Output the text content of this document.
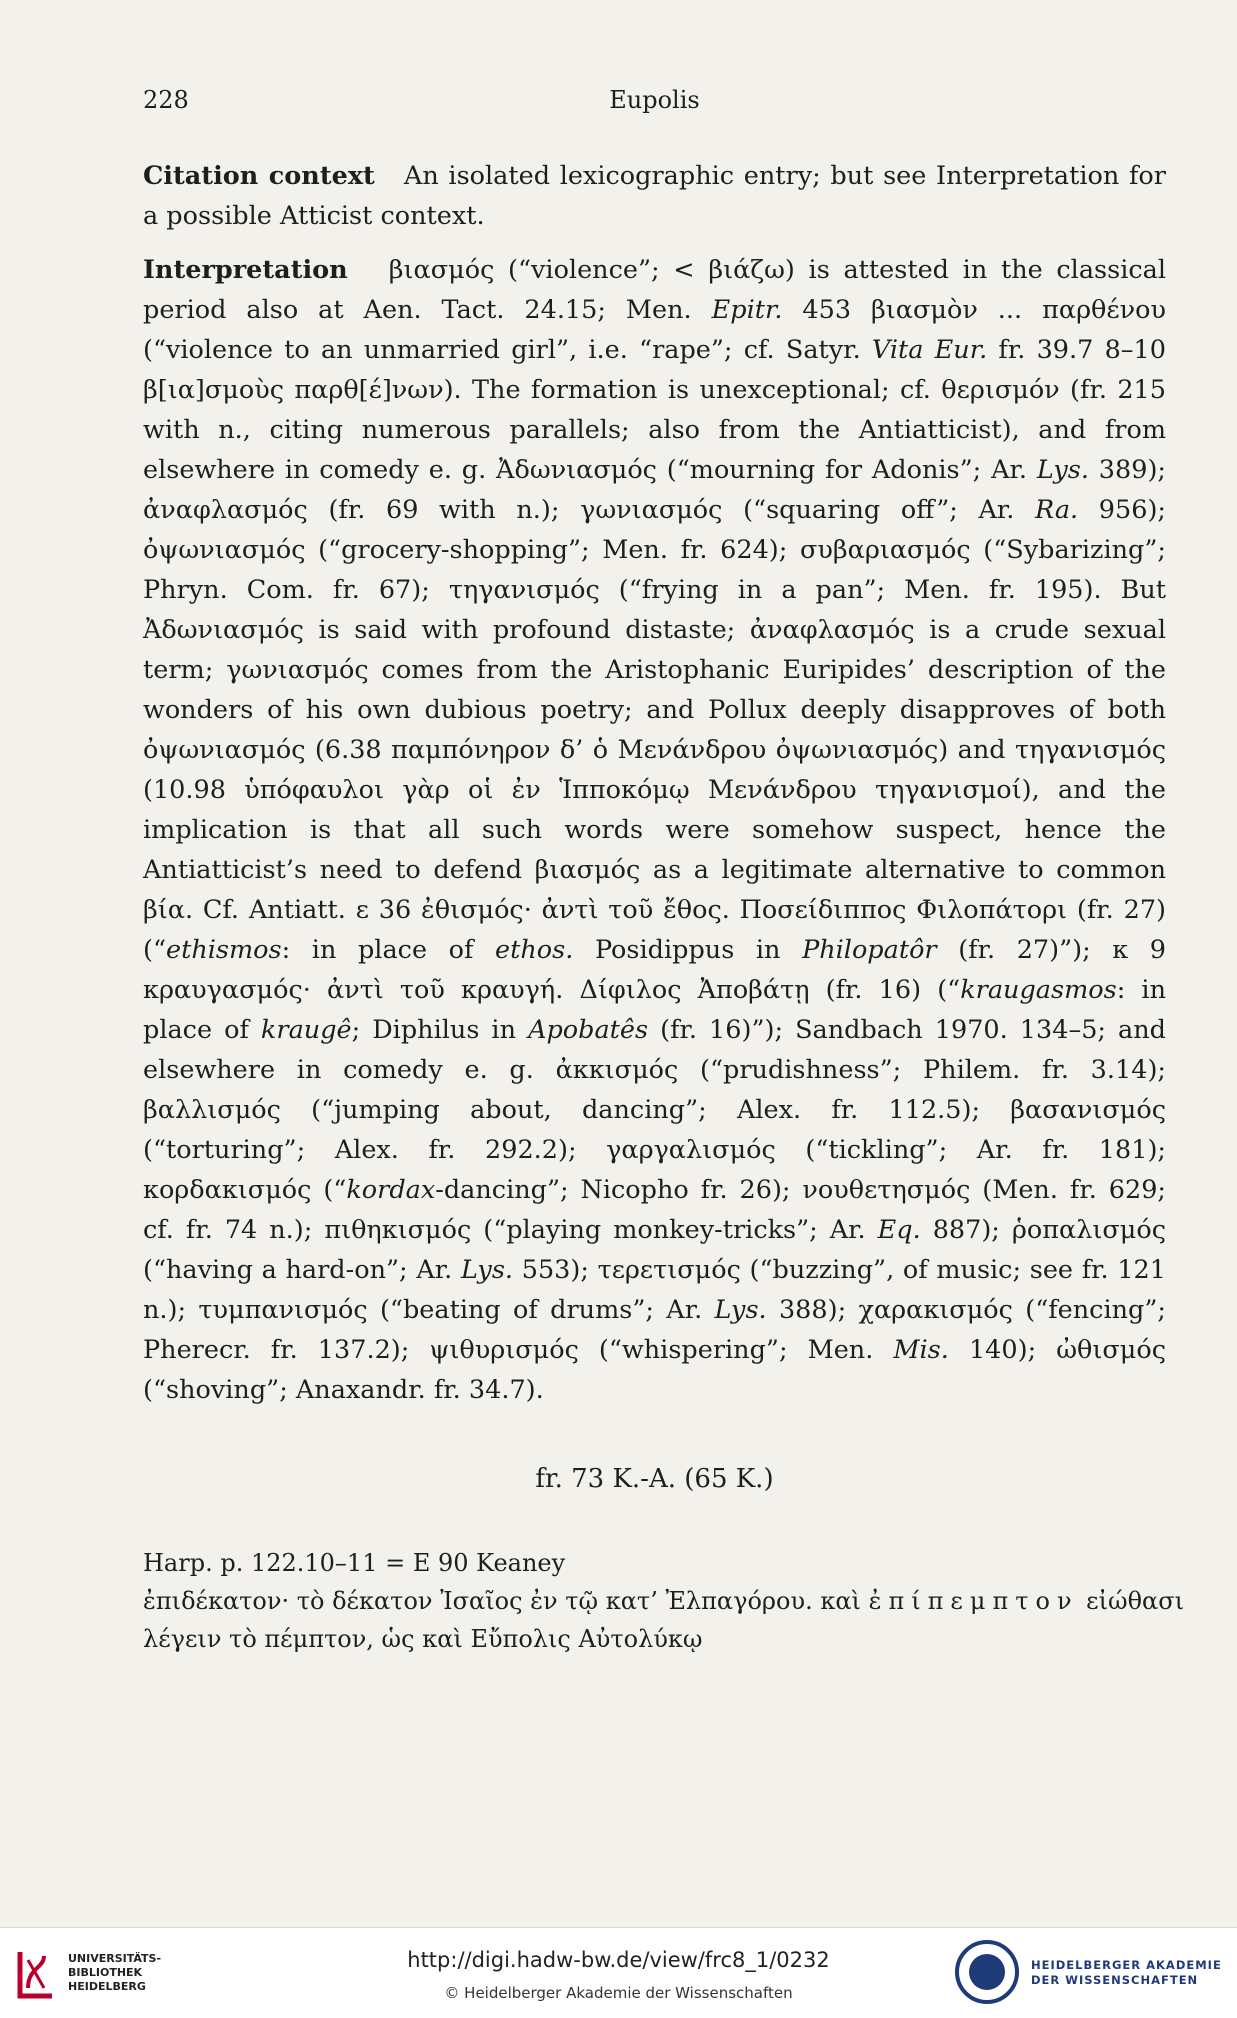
228	Eupolis

Citation context An isolated lexicographic entry; but see Interpretation for a possible Atticist context.

Interpretation βιασμός (“violence”; < βιάζω) is attested in the classical period also at Aen. Tact. 24.15; Men. Epitr. 453 βιασμὸν ... παρθένου (“violence to an unmarried girl”, i.e. “rape”; cf. Satyr. Vita Eur. fr. 39.7 8–10 β[ια]σμοὺς παρθ[έ]νων). The formation is unexceptional; cf. θερισμόν (fr. 215 with n., citing numerous parallels; also from the Antiatticist), and from elsewhere in comedy e. g. Ἀδωνιασμός (“mourning for Adonis”; Ar. Lys. 389); ἀναφλασμός (fr. 69 with n.); γωνιασμός (“squaring off”; Ar. Ra. 956); ὀψωνιασμός (“grocery-shopping”; Men. fr. 624); συβαριασμός (“Sybarizing”; Phryn. Com. fr. 67); τηγανισμός (“frying in a pan”; Men. fr. 195). But Ἀδωνιασμός is said with profound distaste; ἀναφλασμός is a crude sexual term; γωνιασμός comes from the Aristophanic Euripides’ description of the wonders of his own dubious poetry; and Pollux deeply disapproves of both ὀψωνιασμός (6.38 παμπόνηρον δ’ ὁ Μενάνδρου ὀψωνιασμός) and τηγανισμός (10.98 ὑπόφαυλοι γὰρ οἱ ἐν Ἱπποκόμῳ Μενάνδρου τηγανισμοί), and the implication is that all such words were somehow suspect, hence the Antiatticist’s need to defend βιασμός as a legitimate alternative to common βία. Cf. Antiatt. ε 36 ἐθισμός· ἀντὶ τοῦ ἔθος. Ποσείδιππος Φιλοπάτορι (fr. 27) (“ethismos: in place of ethos. Posidippus in Philopatôr (fr. 27)”); κ 9 κραυγασμός· ἀντὶ τοῦ κραυγή. Δίφιλος Ἀποβάτῃ (fr. 16) (“kraugasmos: in place of kraugê; Diphilus in Apobatês (fr. 16)”); Sandbach 1970. 134–5; and elsewhere in comedy e. g. ἀκκισμός (“prudishness”; Philem. fr. 3.14); βαλλισμός (“jumping about, dancing”; Alex. fr. 112.5); βασανισμός (“torturing”; Alex. fr. 292.2); γαργαλισμός (“tickling”; Ar. fr. 181); κορδακισμός (“kordax-dancing”; Nicopho fr. 26); νουθετησμός (Men. fr. 629; cf. fr. 74 n.); πιθηκισμός (“playing monkey-tricks”; Ar. Eq. 887); ῥοπαλισμός (“having a hard-on”; Ar. Lys. 553); τερετισμός (“buzzing”, of music; see fr. 121 n.); τυμπανισμός (“beating of drums”; Ar. Lys. 388); χαρακισμός (“fencing”; Pherecr. fr. 137.2); ψιθυρισμός (“whispering”; Men. Mis. 140); ὠθισμός (“shoving”; Anaxandr. fr. 34.7).

fr. 73 K.-A. (65 K.)
Harp. p. 122.10–11 = E 90 Keaney
ἐπιδέκατον· τὸ δέκατον Ἰσαῖος ἐν τῷ κατ’ Ἐλπαγόρου. καὶ ἐπίπεμπτον εἰώθασι
λέγειν τὸ πέμπτον, ὡς καὶ Εὔπολις Αὐτολύκῳ
UNIVERSITÄTS-
BIBLIOTHEK
HEIDELBERG
http://digi.hadw-bw.de/view/frc8_1/0232
© Heidelberger Akademie der Wissenschaften
HEIDELBERGER AKADEMIE
DER WISSENSCHAFTEN
